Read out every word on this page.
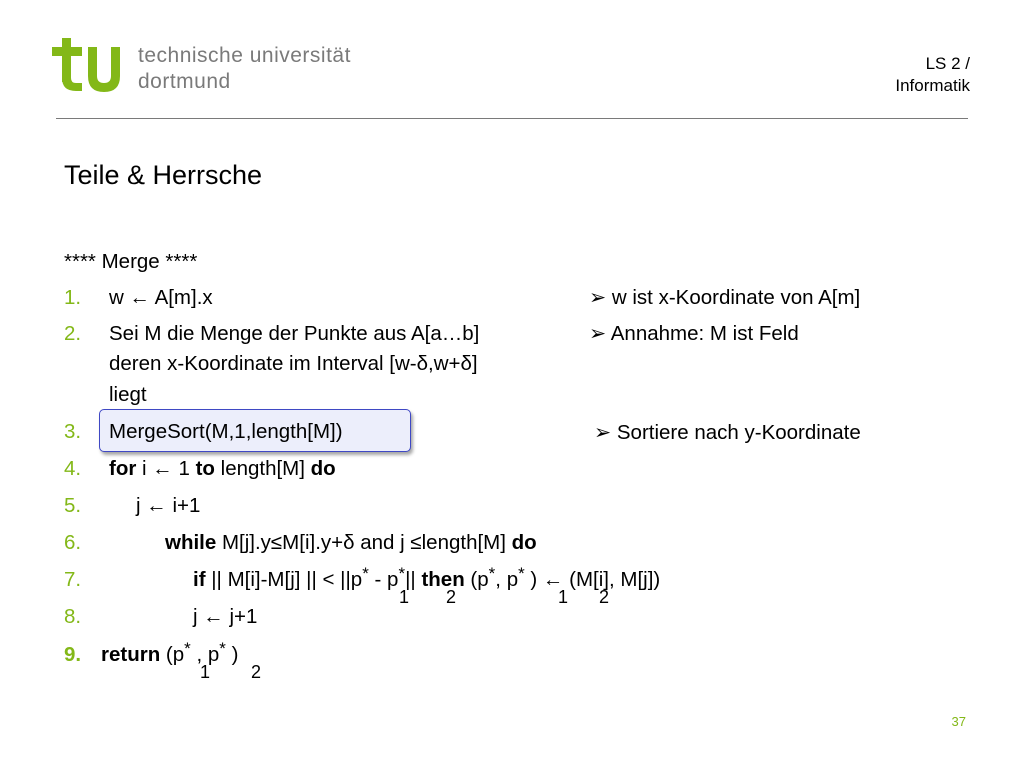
technische universität
dortmund
LS 2 /
Informatik
Teile & Herrsche
**** Merge ****
1. w ← A[m].x
2. Sei M die Menge der Punkte aus A[a…b]
deren x-Koordinate im Interval [w-δ,w+δ]
liegt
3. MergeSort(M,1,length[M])
4. for i ← 1 to length[M] do
5.	j ← i+1
6.	while M[j].y≤M[i].y+δ and j ≤length[M] do
7.	if || M[i]-M[j] || < ||p* - p*|| then (p*, p* ) ← (M[i], M[j])
1 2	1 2
8.	j ← j+1
9. return (p* , p* )
1 2
➢ w ist x-Koordinate von A[m]
➢ Annahme: M ist Feld
➢ Sortiere nach y-Koordinate
37
